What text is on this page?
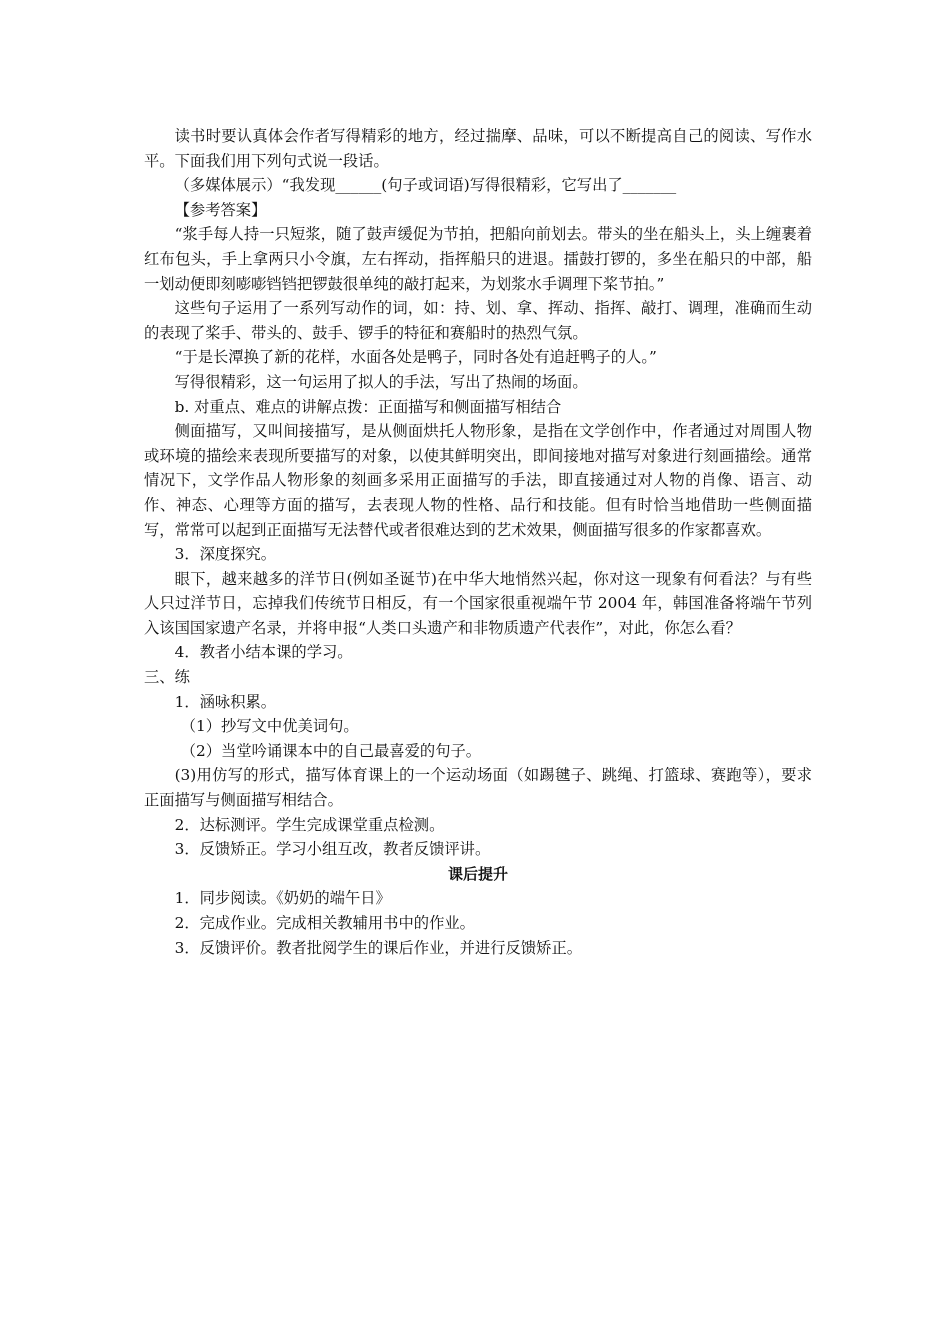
读书时要认真体会作者写得精彩的地方，经过揣摩、品味，可以不断提高自己的阅读、写作水平。下面我们用下列句式说一段话。

（多媒体展示）“我发现______(句子或词语)写得很精彩，它写出了_______

【参考答案】

“浆手每人持一只短浆，随了鼓声缓促为节拍，把船向前划去。带头的坐在船头上，头上缠裹着红布包头，手上拿两只小令旗，左右挥动，指挥船只的进退。擂鼓打锣的，多坐在船只的中部，船一划动便即刻嘭嘭铛铛把锣鼓很单纯的敲打起来，为划浆水手调理下桨节拍。”

这些句子运用了一系列写动作的词，如：持、划、拿、挥动、指挥、敲打、调理，准确而生动的表现了桨手、带头的、鼓手、锣手的特征和赛船时的热烈气氛。

“于是长潭换了新的花样，水面各处是鸭子，同时各处有追赶鸭子的人。”

写得很精彩，这一句运用了拟人的手法，写出了热闹的场面。

b. 对重点、难点的讲解点拨：正面描写和侧面描写相结合

侧面描写，又叫间接描写，是从侧面烘托人物形象，是指在文学创作中，作者通过对周围人物或环境的描绘来表现所要描写的对象，以使其鲜明突出，即间接地对描写对象进行刻画描绘。通常情况下，文学作品人物形象的刻画多采用正面描写的手法，即直接通过对人物的肖像、语言、动作、神态、心理等方面的描写，去表现人物的性格、品行和技能。但有时恰当地借助一些侧面描写，常常可以起到正面描写无法替代或者很难达到的艺术效果，侧面描写很多的作家都喜欢。

3．深度探究。

眼下，越来越多的洋节日(例如圣诞节)在中华大地悄然兴起，你对这一现象有何看法？与有些人只过洋节日，忘掉我们传统节日相反，有一个国家很重视端午节 2004 年，韩国准备将端午节列入该国国家遗产名录，并将申报“人类口头遗产和非物质遗产代表作”，对此，你怎么看？

4．教者小结本课的学习。

三、练

1．涵咏积累。

（1）抄写文中优美词句。

（2）当堂吟诵课本中的自己最喜爱的句子。

(3)用仿写的形式，描写体育课上的一个运动场面（如踢毽子、跳绳、打篮球、赛跑等），要求正面描写与侧面描写相结合。

2．达标测评。学生完成课堂重点检测。

3．反馈矫正。学习小组互改，教者反馈评讲。

课后提升

1．同步阅读。《奶奶的端午日》

2．完成作业。完成相关教辅用书中的作业。

3．反馈评价。教者批阅学生的课后作业，并进行反馈矫正。
